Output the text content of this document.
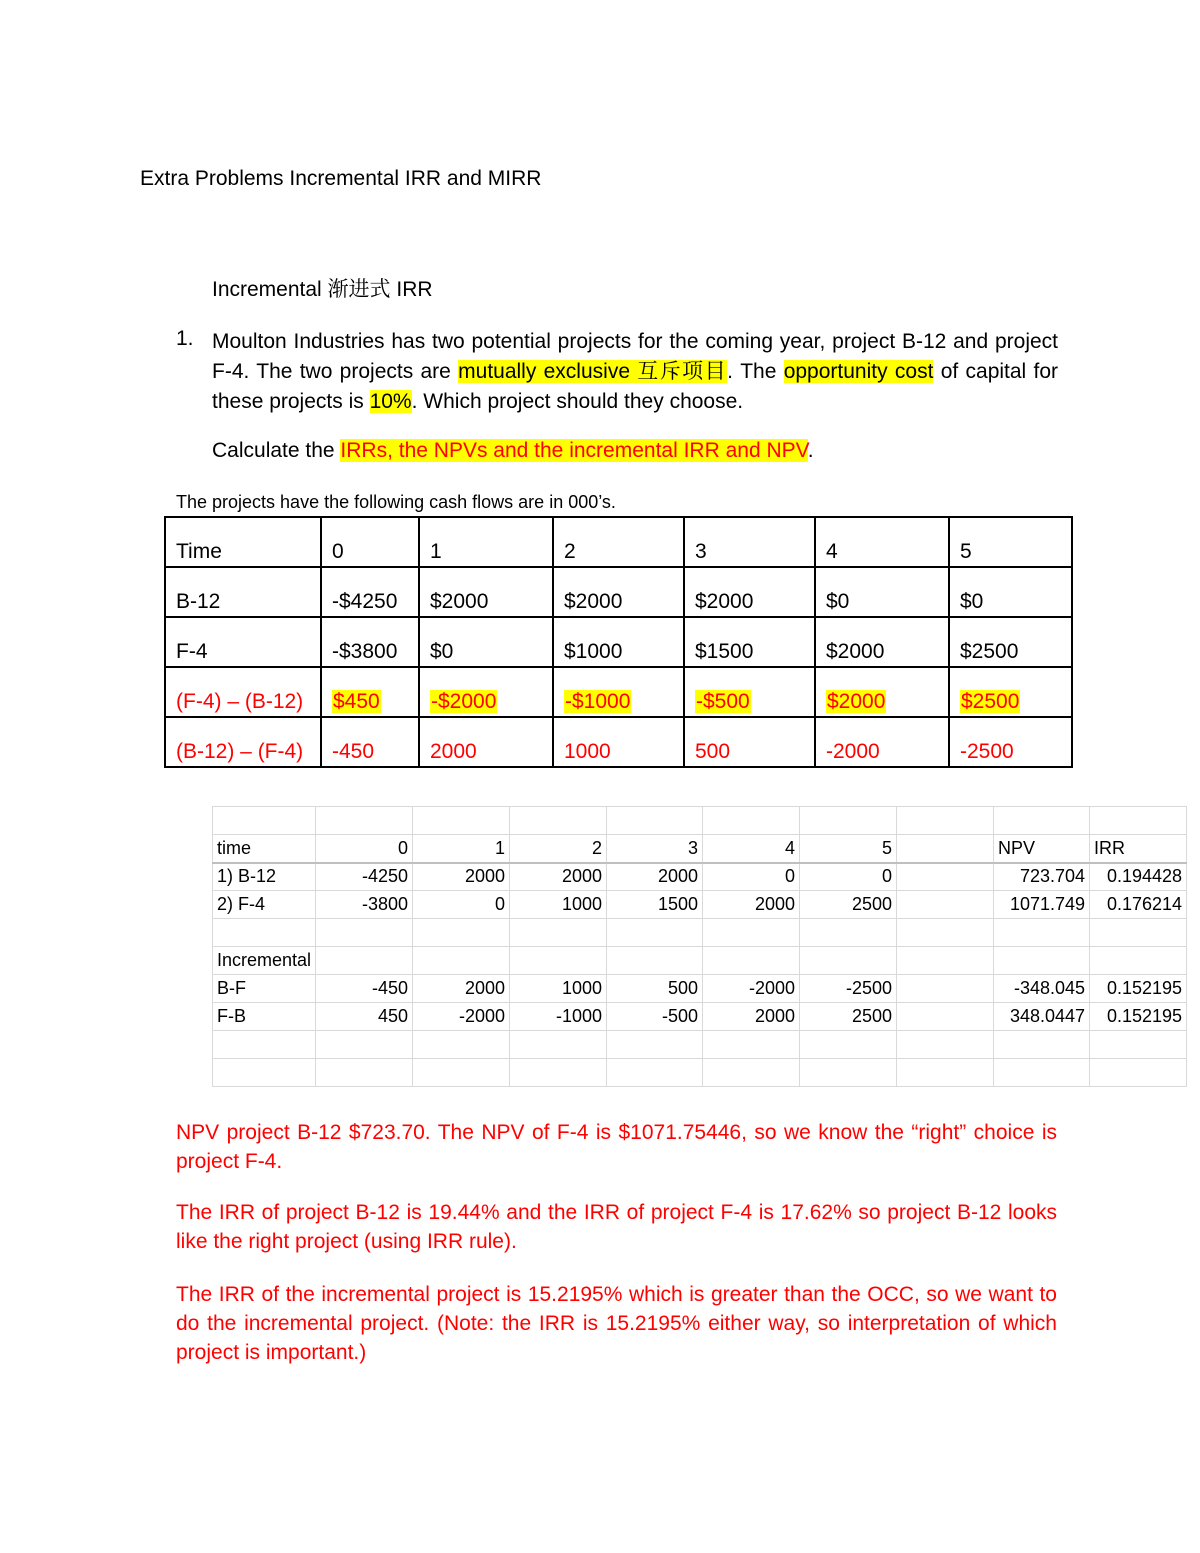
Extra Problems Incremental IRR and MIRR
Incremental 渐进式 IRR
1. Moulton Industries has two potential projects for the coming year, project B-12 and project F-4. The two projects are mutually exclusive 互斥项目. The opportunity cost of capital for these projects is 10%. Which project should they choose.
Calculate the IRRs, the NPVs and the incremental IRR and NPV.
The projects have the following cash flows are in 000’s.
Time	0	1	2	3	4	5
B-12	-$4250	$2000	$2000	$2000	$0	$0
F-4	-$3800	$0	$1000	$1500	$2000	$2500
(F-4) – (B-12)	$450	-$2000	-$1000	-$500	$2000	$2500
(B-12) – (F-4)	-450	2000	1000	500	-2000	-2500

time	0	1	2	3	4	5		NPV	IRR
1) B-12	-4250	2000	2000	2000	0	0		723.704	0.194428
2) F-4	-3800	0	1000	1500	2000	2500		1071.749	0.176214

Incremental									
B-F	-450	2000	1000	500	-2000	-2500		-348.045	0.152195
F-B	450	-2000	-1000	-500	2000	2500		348.0447	0.152195

NPV project B-12 $723.70. The NPV of F-4 is $1071.75446, so we know the “right” choice is project F-4.
The IRR of project B-12 is 19.44% and the IRR of project F-4 is 17.62% so project B-12 looks like the right project (using IRR rule).
The IRR of the incremental project is 15.2195% which is greater than the OCC, so we want to do the incremental project. (Note: the IRR is 15.2195% either way, so interpretation of which project is important.)
